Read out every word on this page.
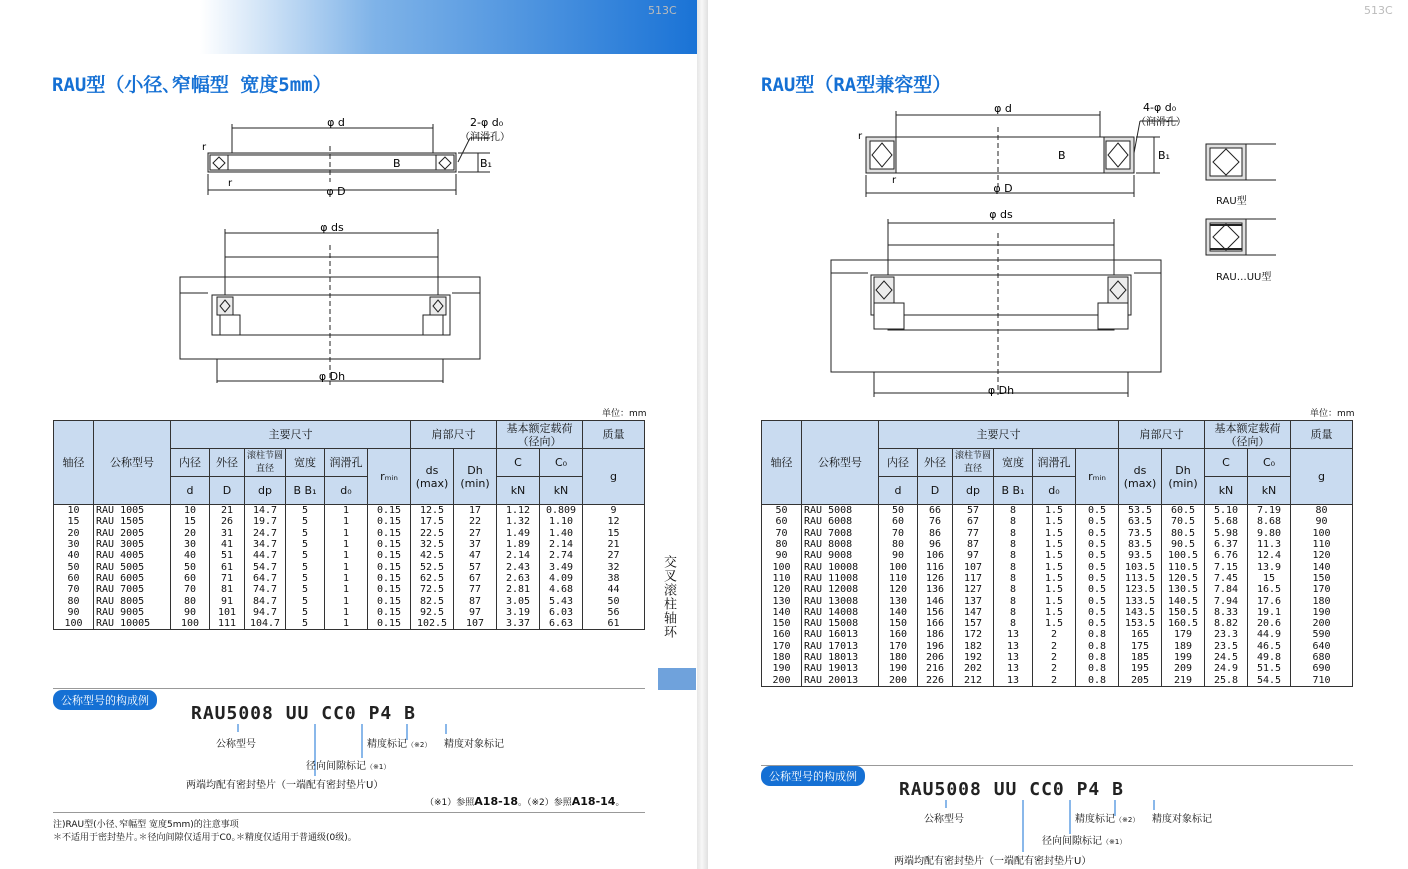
513C
RAU型（小径､窄幅型 宽度5mm）
φ d
φ D
B	B₁
r
r
2-φ d₀
（润滑孔）
φ ds
φ Dh
单位：mm
轴径	公称型号	主要尺寸						肩部尺寸		基本额定载荷
（径向）		质量
		内径	外径	滚柱节圆直径	宽度	润滑孔	rₘᵢₙ	ds
(max)	Dh
(min)	C	C₀	g
		d	D	dp	B B₁	d₀				kN	kN	
10	RAU 1005	10	21	14.7	5	1	0.15	12.5	17	1.12	0.809	9
15	RAU 1505	15	26	19.7	5	1	0.15	17.5	22	1.32	1.10	12
20	RAU 2005	20	31	24.7	5	1	0.15	22.5	27	1.49	1.40	15
30	RAU 3005	30	41	34.7	5	1	0.15	32.5	37	1.89	2.14	21
40	RAU 4005	40	51	44.7	5	1	0.15	42.5	47	2.14	2.74	27
50	RAU 5005	50	61	54.7	5	1	0.15	52.5	57	2.43	3.49	32
60	RAU 6005	60	71	64.7	5	1	0.15	62.5	67	2.63	4.09	38
70	RAU 7005	70	81	74.7	5	1	0.15	72.5	77	2.81	4.68	44
80	RAU 8005	80	91	84.7	5	1	0.15	82.5	87	3.05	5.43	50
90	RAU 9005	90	101	94.7	5	1	0.15	92.5	97	3.19	6.03	56
100	RAU 10005	100	111	104.7	5	1	0.15	102.5	107	3.37	6.63	61	交叉滚柱轴环
公称型号的构成例
RAU5008 UU CC0 P4 B
公称型号	精度标记（※2） 精度对象标记
径向间隙标记（※1）
两端均配有密封垫片（一端配有密封垫片U）
（※1）参照A18-18。（※2）参照A18-14。
注)RAU型(小径､窄幅型 宽度5mm)的注意事项
＊不适用于密封垫片｡＊径向间隙仅适用于C0｡＊精度仅适用于普通级(0级)｡
513C
RAU型（RA型兼容型）
φ d
φ D
B	B₁
r
r
4-φ d₀
（润滑孔）
RAU型
RAU…UU型
φ ds
φ Dh
单位：mm
轴径	公称型号	主要尺寸						肩部尺寸		基本额定载荷
（径向）		质量
		内径	外径	滚柱节圆直径	宽度	润滑孔	rₘᵢₙ	ds
(max)	Dh
(min)	C	C₀	g
		d	D	dp	B B₁	d₀				kN	kN	
50	RAU 5008	50	66	57	8	1.5	0.5	53.5	60.5	5.10	7.19	80
60	RAU 6008	60	76	67	8	1.5	0.5	63.5	70.5	5.68	8.68	90
70	RAU 7008	70	86	77	8	1.5	0.5	73.5	80.5	5.98	9.80	100
80	RAU 8008	80	96	87	8	1.5	0.5	83.5	90.5	6.37	11.3	110
90	RAU 9008	90	106	97	8	1.5	0.5	93.5	100.5	6.76	12.4	120
100	RAU 10008	100	116	107	8	1.5	0.5	103.5	110.5	7.15	13.9	140
110	RAU 11008	110	126	117	8	1.5	0.5	113.5	120.5	7.45	15	150
120	RAU 12008	120	136	127	8	1.5	0.5	123.5	130.5	7.84	16.5	170
130	RAU 13008	130	146	137	8	1.5	0.5	133.5	140.5	7.94	17.6	180
140	RAU 14008	140	156	147	8	1.5	0.5	143.5	150.5	8.33	19.1	190
150	RAU 15008	150	166	157	8	1.5	0.5	153.5	160.5	8.82	20.6	200
160	RAU 16013	160	186	172	13	2	0.8	165	179	23.3	44.9	590
170	RAU 17013	170	196	182	13	2	0.8	175	189	23.5	46.5	640
180	RAU 18013	180	206	192	13	2	0.8	185	199	24.5	49.8	680
190	RAU 19013	190	216	202	13	2	0.8	195	209	24.9	51.5	690
200	RAU 20013	200	226	212	13	2	0.8	205	219	25.8	54.5	710
公称型号的构成例
RAU5008 UU CC0 P4 B
公称型号	精度标记（※2） 精度对象标记
径向间隙标记（※1）
两端均配有密封垫片（一端配有密封垫片U）
